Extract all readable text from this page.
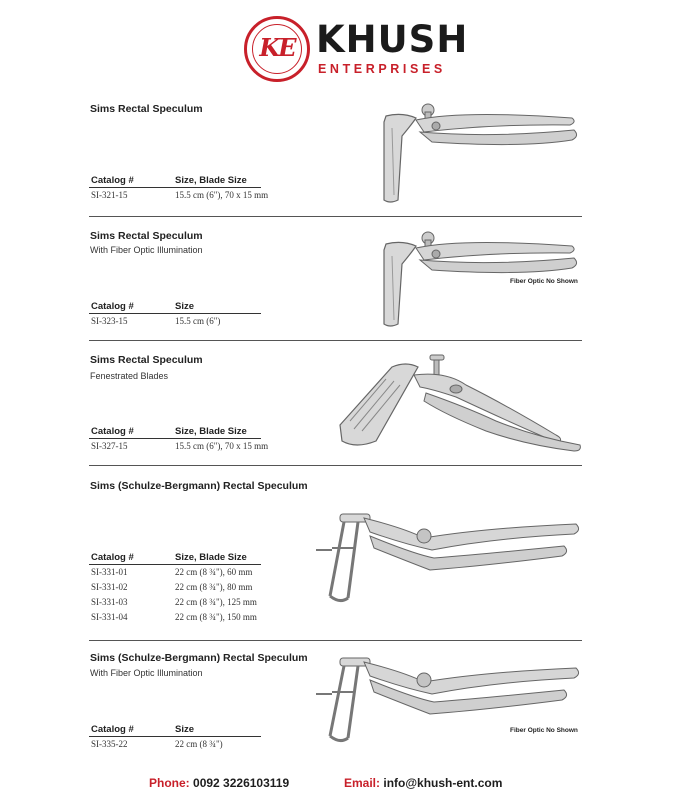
KE KHUSH
ENTERPRISES
Sims Rectal Speculum
Catalog #	Size, Blade Size
SI-321-15	15.5 cm (6"), 70 x 15 mm
Sims Rectal Speculum
With Fiber Optic Illumination
Catalog #	Size
SI-323-15	15.5 cm (6")
Fiber Optic No Shown
Sims Rectal Speculum
Fenestrated Blades
Catalog #	Size, Blade Size
SI-327-15	15.5 cm (6"), 70 x 15 mm
Sims (Schulze-Bergmann) Rectal Speculum
Catalog #	Size, Blade Size
SI-331-01	22 cm (8 ¾"), 60 mm
SI-331-02	22 cm (8 ¾"), 80 mm
SI-331-03	22 cm (8 ¾"), 125 mm
SI-331-04	22 cm (8 ¾"), 150 mm
Sims (Schulze-Bergmann) Rectal Speculum
With Fiber Optic Illumination
Catalog #	Size
SI-335-22	22 cm (8 ¾")
Fiber Optic No Shown
Phone: 0092 3226103119	Email: info@khush-ent.com
